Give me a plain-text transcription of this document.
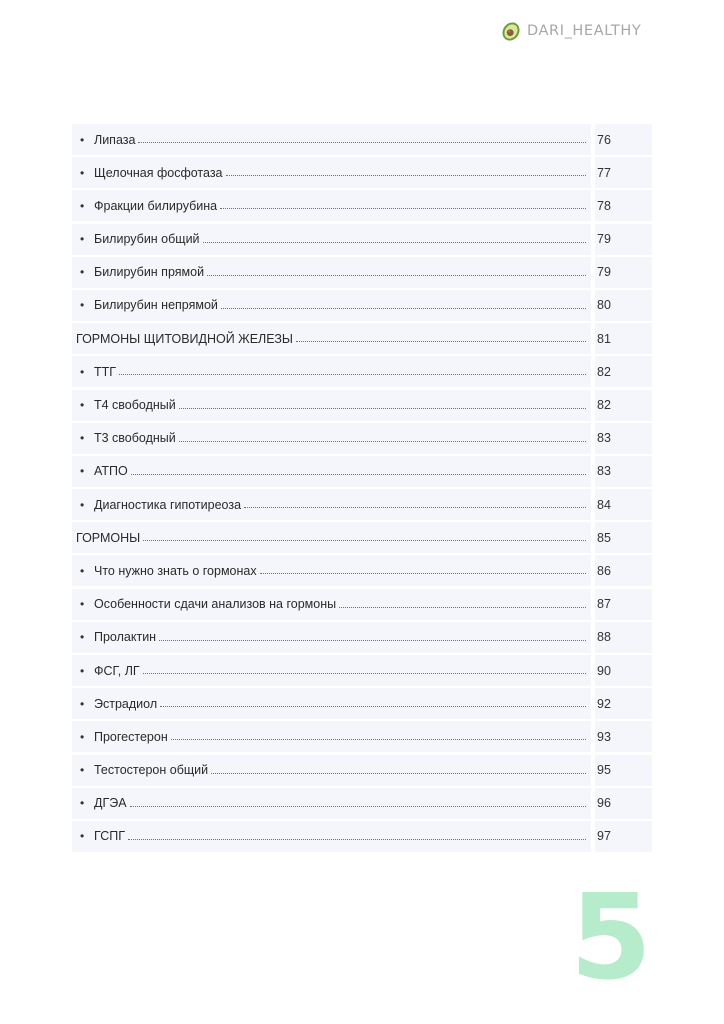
DARI_HEALTHY
• Липаза	76
• Щелочная фосфотаза	77
• Фракции билирубина	78
• Билирубин общий	79
• Билирубин прямой	79
• Билирубин непрямой	80
ГОРМОНЫ ЩИТОВИДНОЙ ЖЕЛЕЗЫ	81
• ТТГ	82
• Т4 свободный	82
• Т3 свободный	83
• АТПО	83
• Диагностика гипотиреоза	84
ГОРМОНЫ	85
• Что нужно знать о гормонах	86
• Особенности сдачи анализов на гормоны	87
• Пролактин	88
• ФСГ, ЛГ	90
• Эстрадиол	92
• Прогестерон	93
• Тестостерон общий	95
• ДГЭА	96
• ГСПГ	97
5
